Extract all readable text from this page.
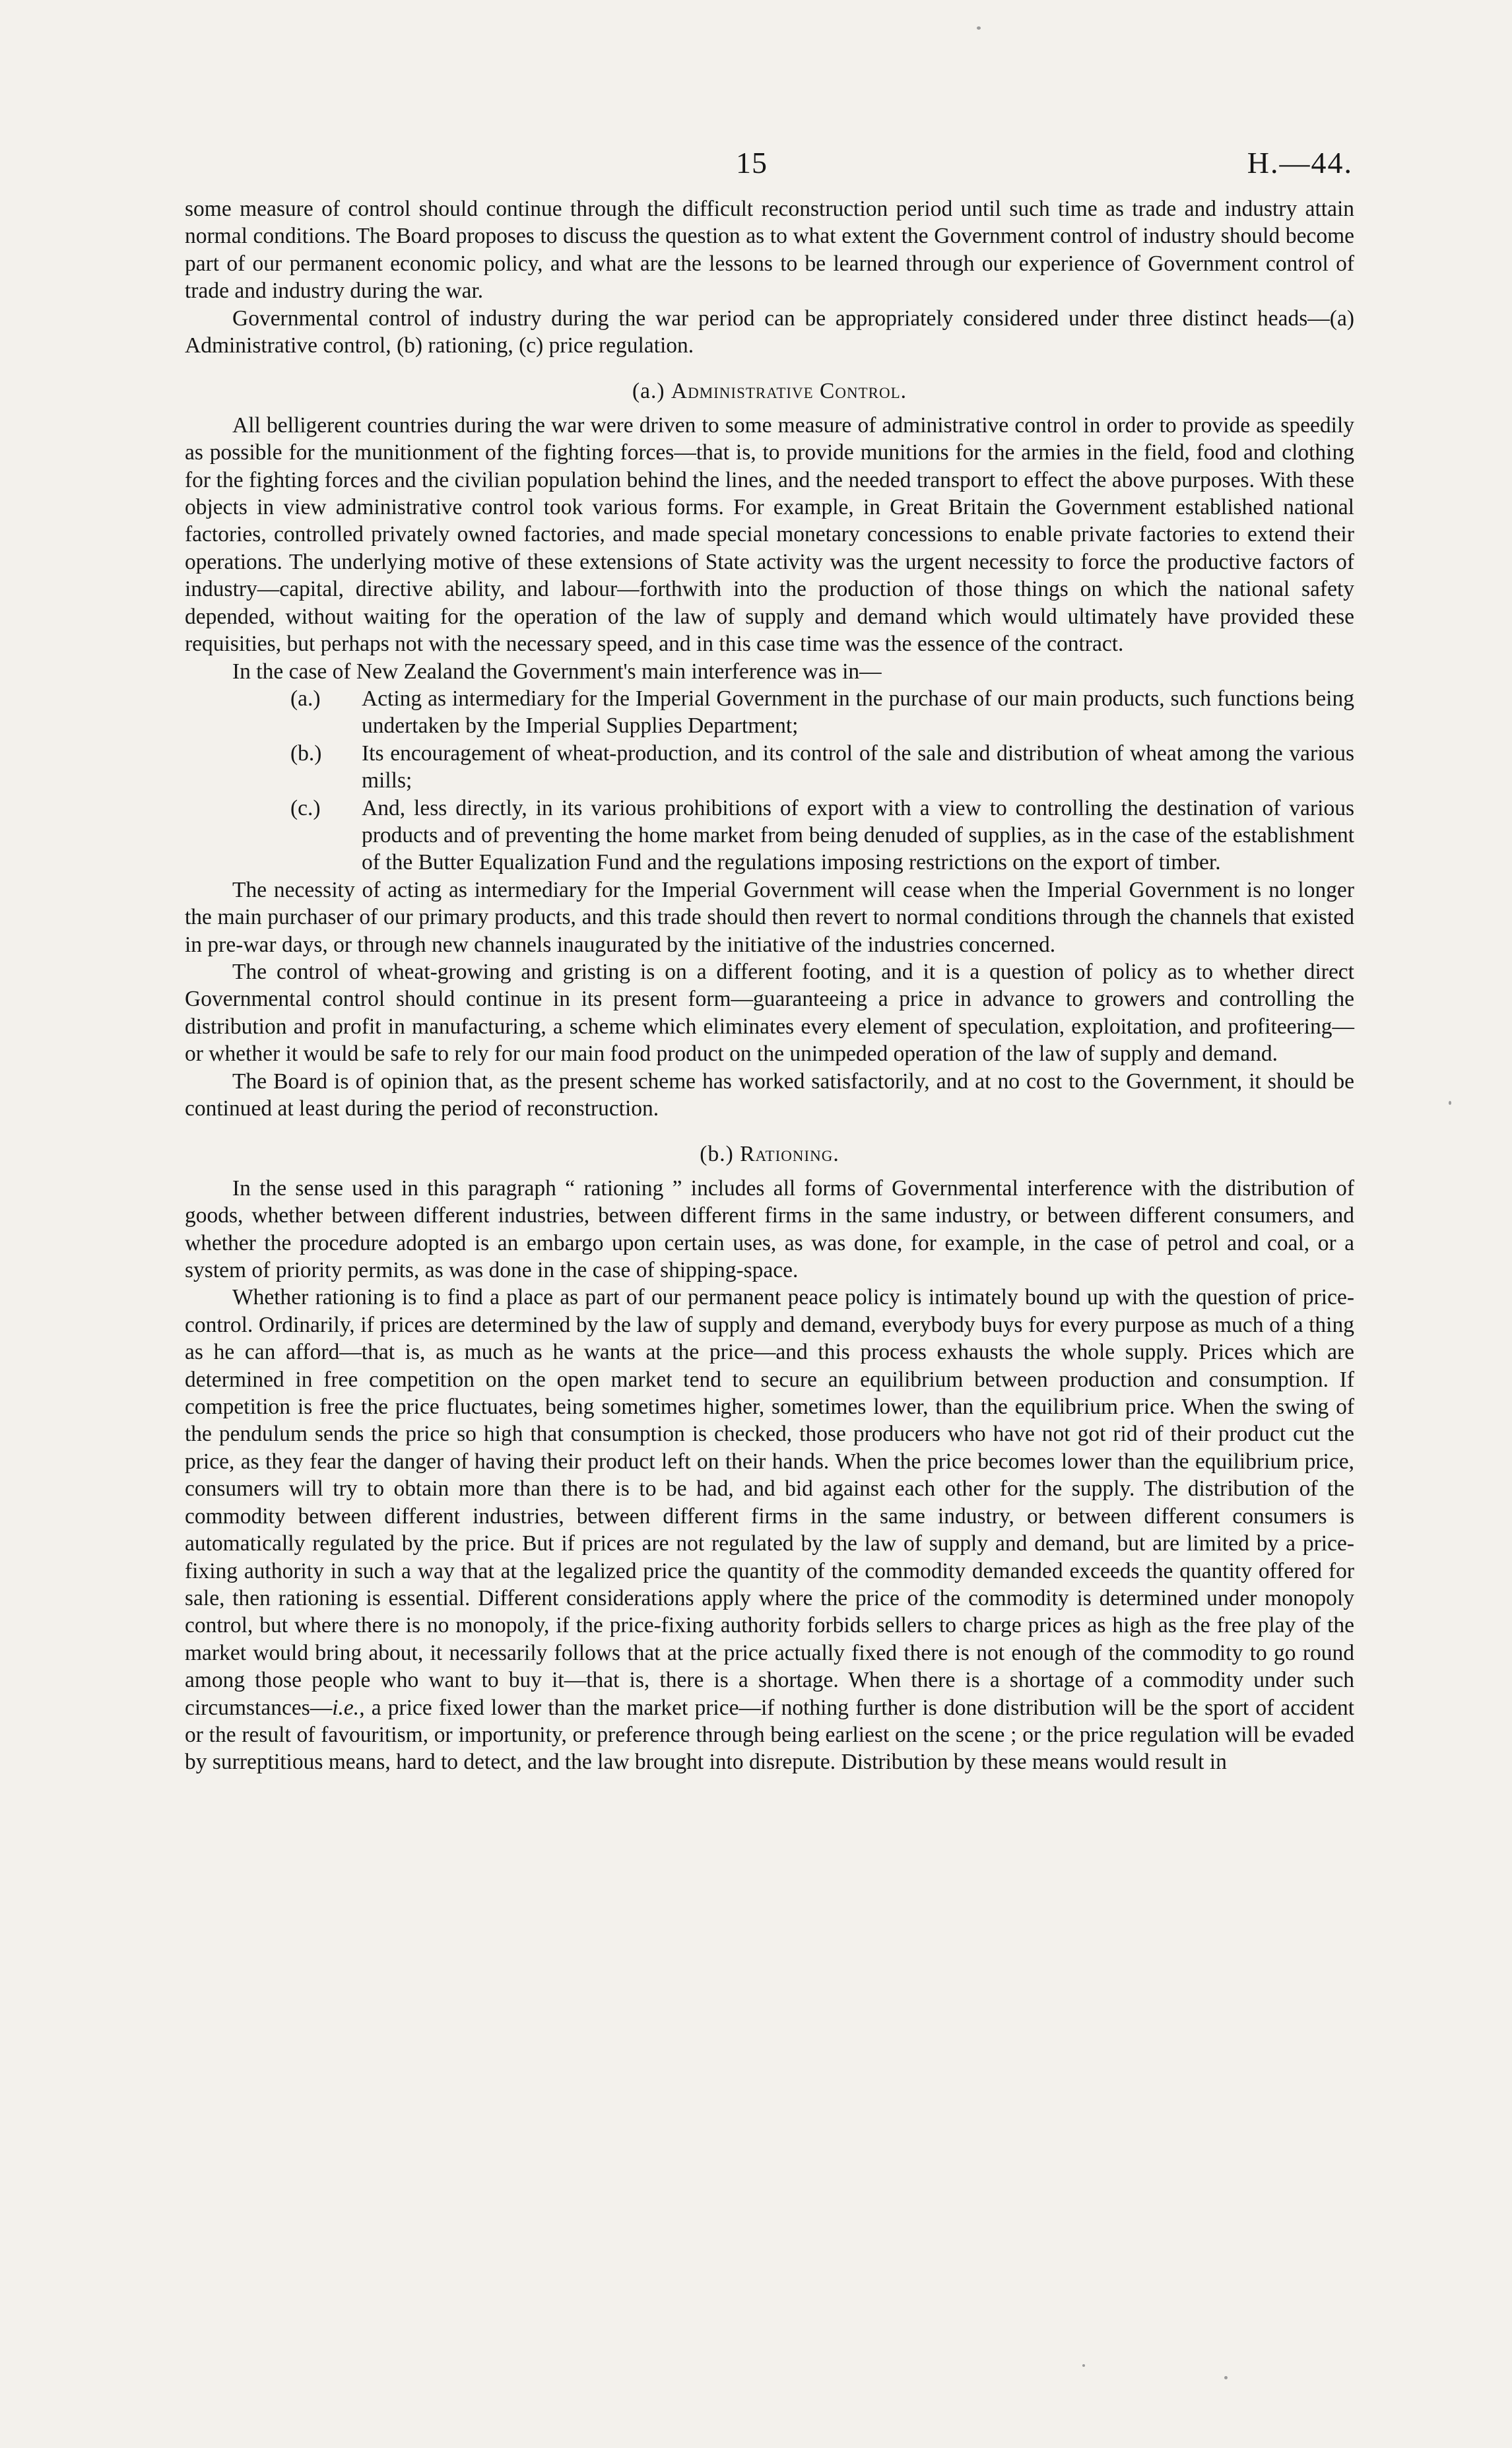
15	H.—44.

some measure of control should continue through the difficult reconstruction period until such time as trade and industry attain normal conditions. The Board proposes to discuss the question as to what extent the Government control of industry should become part of our permanent economic policy, and what are the lessons to be learned through our experience of Government control of trade and industry during the war.

Governmental control of industry during the war period can be appropriately considered under three distinct heads—(a) Administrative control, (b) rationing, (c) price regulation.

(a.) Administrative Control.

All belligerent countries during the war were driven to some measure of administrative control in order to provide as speedily as possible for the munitionment of the fighting forces—that is, to provide munitions for the armies in the field, food and clothing for the fighting forces and the civilian population behind the lines, and the needed transport to effect the above purposes. With these objects in view administrative control took various forms. For example, in Great Britain the Government established national factories, controlled privately owned factories, and made special monetary concessions to enable private factories to extend their operations. The underlying motive of these extensions of State activity was the urgent necessity to force the productive factors of industry—capital, directive ability, and labour—forthwith into the production of those things on which the national safety depended, without waiting for the operation of the law of supply and demand which would ultimately have provided these requisities, but perhaps not with the necessary speed, and in this case time was the essence of the contract.

In the case of New Zealand the Government's main interference was in—

(a.)	Acting as intermediary for the Imperial Government in the purchase of our main products, such functions being undertaken by the Imperial Supplies Department;
(b.)	Its encouragement of wheat-production, and its control of the sale and distribution of wheat among the various mills;
(c.)	And, less directly, in its various prohibitions of export with a view to controlling the destination of various products and of preventing the home market from being denuded of supplies, as in the case of the establishment of the Butter Equalization Fund and the regulations imposing restrictions on the export of timber.

The necessity of acting as intermediary for the Imperial Government will cease when the Imperial Government is no longer the main purchaser of our primary products, and this trade should then revert to normal conditions through the channels that existed in pre-war days, or through new channels inaugurated by the initiative of the industries concerned.

The control of wheat-growing and gristing is on a different footing, and it is a question of policy as to whether direct Governmental control should continue in its present form—guaranteeing a price in advance to growers and controlling the distribution and profit in manufacturing, a scheme which eliminates every element of speculation, exploitation, and profiteering—or whether it would be safe to rely for our main food product on the unimpeded operation of the law of supply and demand.

The Board is of opinion that, as the present scheme has worked satisfactorily, and at no cost to the Government, it should be continued at least during the period of reconstruction.

(b.) Rationing.

In the sense used in this paragraph “ rationing ” includes all forms of Governmental interference with the distribution of goods, whether between different industries, between different firms in the same industry, or between different consumers, and whether the procedure adopted is an embargo upon certain uses, as was done, for example, in the case of petrol and coal, or a system of priority permits, as was done in the case of shipping-space.

Whether rationing is to find a place as part of our permanent peace policy is intimately bound up with the question of price-control. Ordinarily, if prices are determined by the law of supply and demand, everybody buys for every purpose as much of a thing as he can afford—that is, as much as he wants at the price—and this process exhausts the whole supply. Prices which are determined in free competition on the open market tend to secure an equilibrium between production and consumption. If competition is free the price fluctuates, being sometimes higher, sometimes lower, than the equilibrium price. When the swing of the pendulum sends the price so high that consumption is checked, those producers who have not got rid of their product cut the price, as they fear the danger of having their product left on their hands. When the price becomes lower than the equilibrium price, consumers will try to obtain more than there is to be had, and bid against each other for the supply. The distribution of the commodity between different industries, between different firms in the same industry, or between different consumers is automatically regulated by the price. But if prices are not regulated by the law of supply and demand, but are limited by a price-fixing authority in such a way that at the legalized price the quantity of the commodity demanded exceeds the quantity offered for sale, then rationing is essential. Different considerations apply where the price of the commodity is determined under monopoly control, but where there is no monopoly, if the price-fixing authority forbids sellers to charge prices as high as the free play of the market would bring about, it necessarily follows that at the price actually fixed there is not enough of the commodity to go round among those people who want to buy it—that is, there is a shortage. When there is a shortage of a commodity under such circumstances—i.e., a price fixed lower than the market price—if nothing further is done distribution will be the sport of accident or the result of favouritism, or importunity, or preference through being earliest on the scene ; or the price regulation will be evaded by surreptitious means, hard to detect, and the law brought into disrepute. Distribution by these means would result in
